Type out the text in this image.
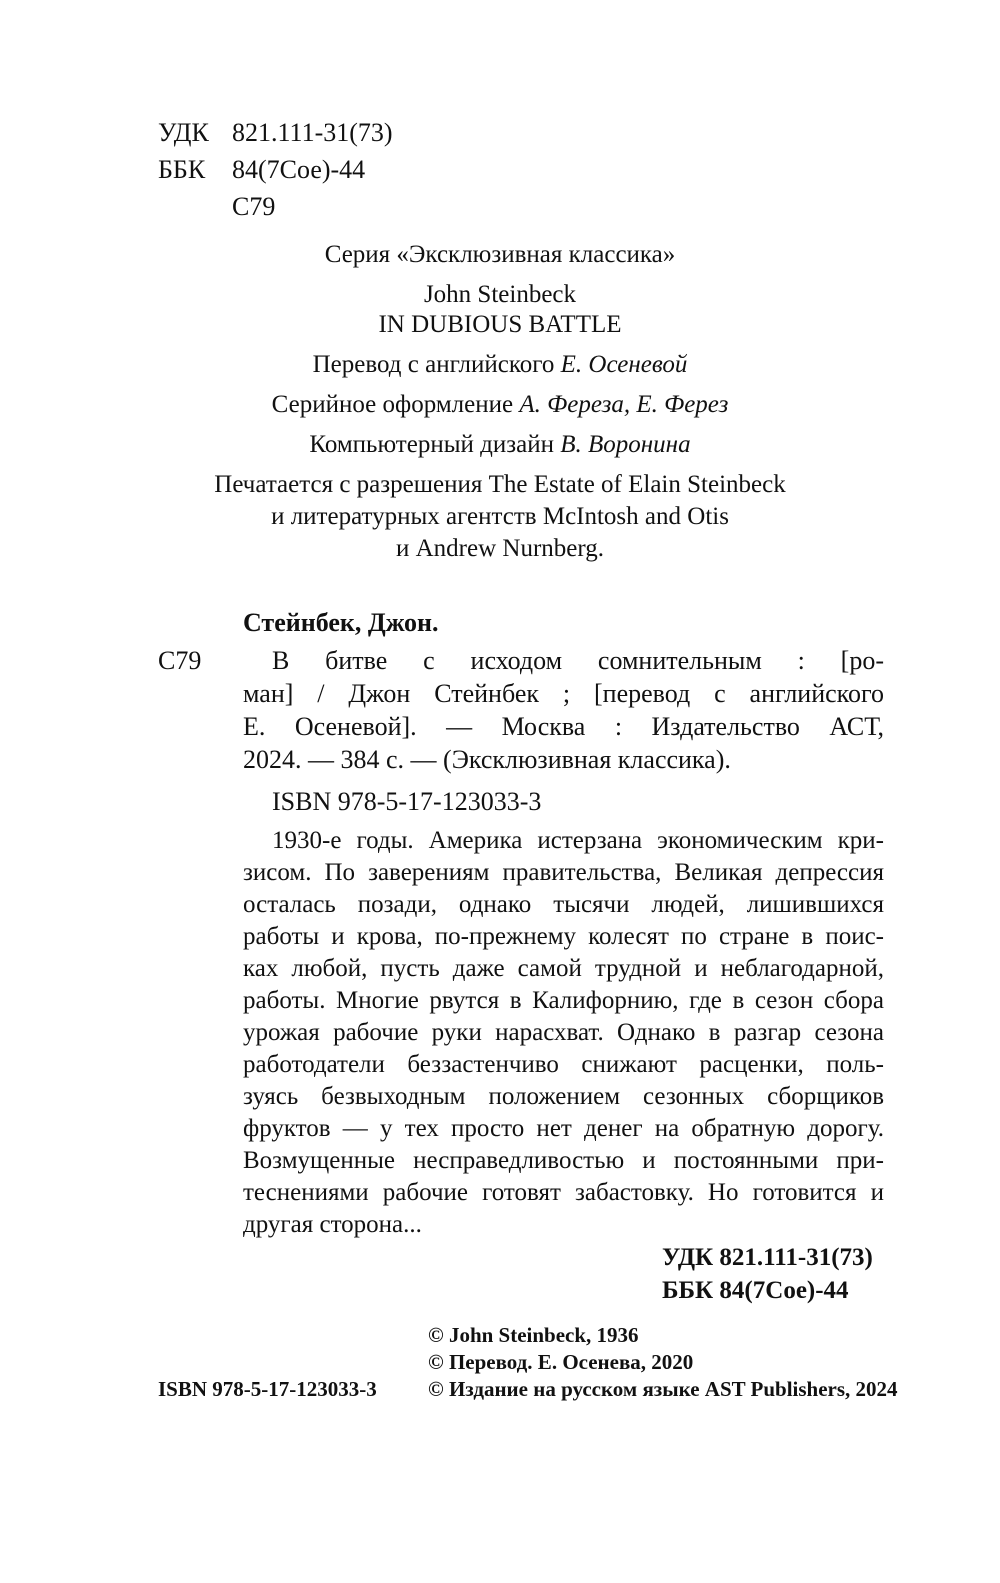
УДК 821.111-31(73)
ББК 84(7Сое)-44
С79
Серия «Эксклюзивная классика»
John Steinbeck
IN DUBIOUS BATTLE
Перевод с английского Е. Осеневой
Серийное оформление А. Фереза, Е. Ферез
Компьютерный дизайн В. Воронина
Печатается с разрешения The Estate of Elain Steinbeck
и литературных агентств McIntosh and Otis
и Andrew Nurnberg.
Стейнбек, Джон.
С79	В битве с исходом сомнительным : [ро-
ман] / Джон Стейнбек ; [перевод с английского
Е. Осеневой]. — Москва : Издательство АСТ,
2024. — 384 с. — (Эксклюзивная классика).
ISBN 978-5-17-123033-3
1930-е годы. Америка истерзана экономическим кри-
зисом. По заверениям правительства, Великая депрессия
осталась позади, однако тысячи людей, лишившихся
работы и крова, по-прежнему колесят по стране в поис-
ках любой, пусть даже самой трудной и неблагодарной,
работы. Многие рвутся в Калифорнию, где в сезон сбора
урожая рабочие руки нарасхват. Однако в разгар сезона
работодатели беззастенчиво снижают расценки, поль-
зуясь безвыходным положением сезонных сборщиков
фруктов — у тех просто нет денег на обратную дорогу.
Возмущенные несправедливостью и постоянными при-
теснениями рабочие готовят забастовку. Но готовится и
другая сторона...
УДК 821.111-31(73)
ББК 84(7Сое)-44
© John Steinbeck, 1936
© Перевод. Е. Осенева, 2020
© Издание на русском языке AST Publishers, 2024
ISBN 978-5-17-123033-3
